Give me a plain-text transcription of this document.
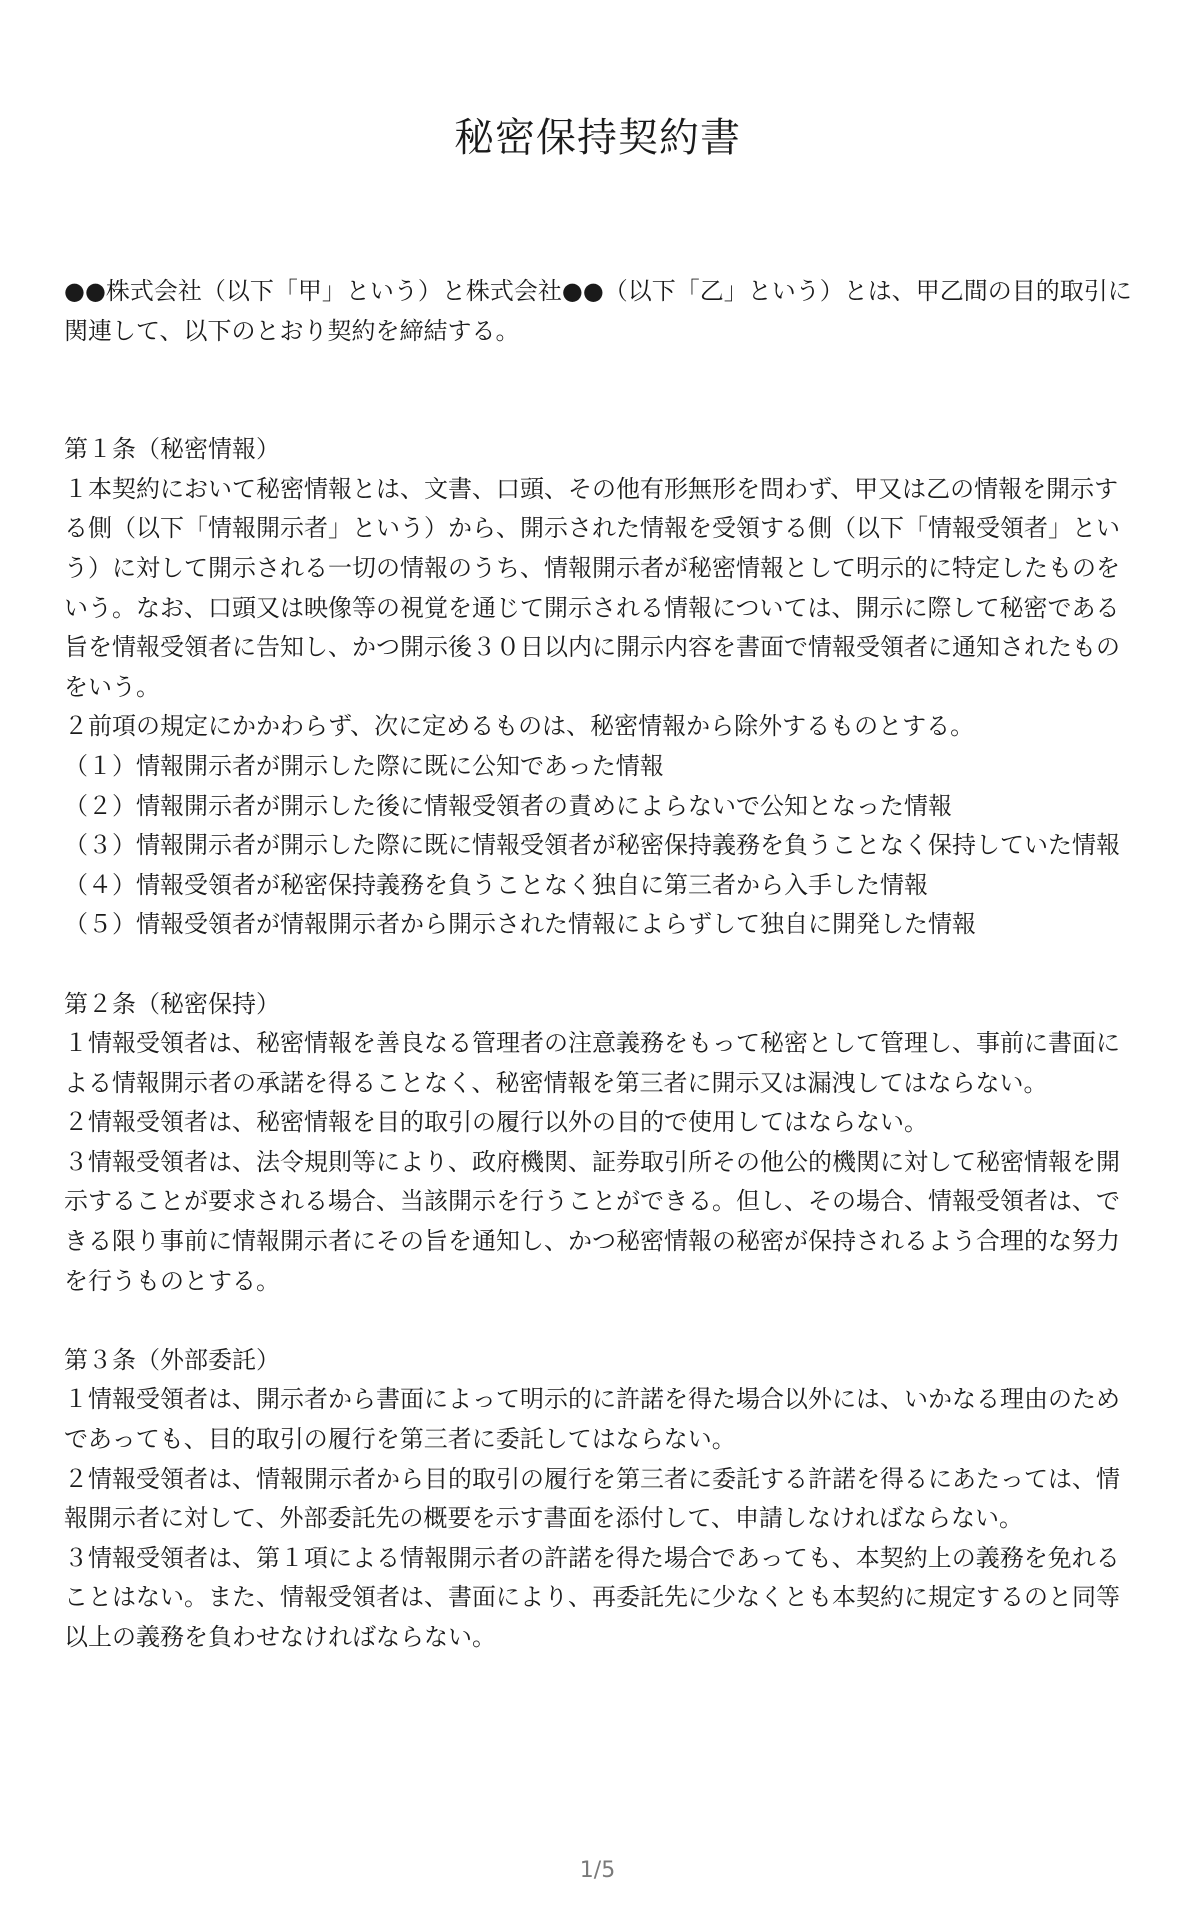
秘密保持契約書

●●株式会社（以下「甲」という）と株式会社●●（以下「乙」という）とは、甲乙間の目的取引に関連して、以下のとおり契約を締結する。

第１条（秘密情報）

１本契約において秘密情報とは、文書、口頭、その他有形無形を問わず、甲又は乙の情報を開示する側（以下「情報開示者」という）から、開示された情報を受領する側（以下「情報受領者」という）に対して開示される一切の情報のうち、情報開示者が秘密情報として明示的に特定したものをいう。なお、口頭又は映像等の視覚を通じて開示される情報については、開示に際して秘密である旨を情報受領者に告知し、かつ開示後３０日以内に開示内容を書面で情報受領者に通知されたものをいう。

２前項の規定にかかわらず、次に定めるものは、秘密情報から除外するものとする。

（１）情報開示者が開示した際に既に公知であった情報

（２）情報開示者が開示した後に情報受領者の責めによらないで公知となった情報

（３）情報開示者が開示した際に既に情報受領者が秘密保持義務を負うことなく保持していた情報

（４）情報受領者が秘密保持義務を負うことなく独自に第三者から入手した情報

（５）情報受領者が情報開示者から開示された情報によらずして独自に開発した情報

第２条（秘密保持）

１情報受領者は、秘密情報を善良なる管理者の注意義務をもって秘密として管理し、事前に書面による情報開示者の承諾を得ることなく、秘密情報を第三者に開示又は漏洩してはならない。

２情報受領者は、秘密情報を目的取引の履行以外の目的で使用してはならない。

３情報受領者は、法令規則等により、政府機関、証券取引所その他公的機関に対して秘密情報を開示することが要求される場合、当該開示を行うことができる。但し、その場合、情報受領者は、できる限り事前に情報開示者にその旨を通知し、かつ秘密情報の秘密が保持されるよう合理的な努力を行うものとする。

第３条（外部委託）

１情報受領者は、開示者から書面によって明示的に許諾を得た場合以外には、いかなる理由のためであっても、目的取引の履行を第三者に委託してはならない。

２情報受領者は、情報開示者から目的取引の履行を第三者に委託する許諾を得るにあたっては、情報開示者に対して、外部委託先の概要を示す書面を添付して、申請しなければならない。

３情報受領者は、第１項による情報開示者の許諾を得た場合であっても、本契約上の義務を免れることはない。また、情報受領者は、書面により、再委託先に少なくとも本契約に規定するのと同等以上の義務を負わせなければならない。

1/5
